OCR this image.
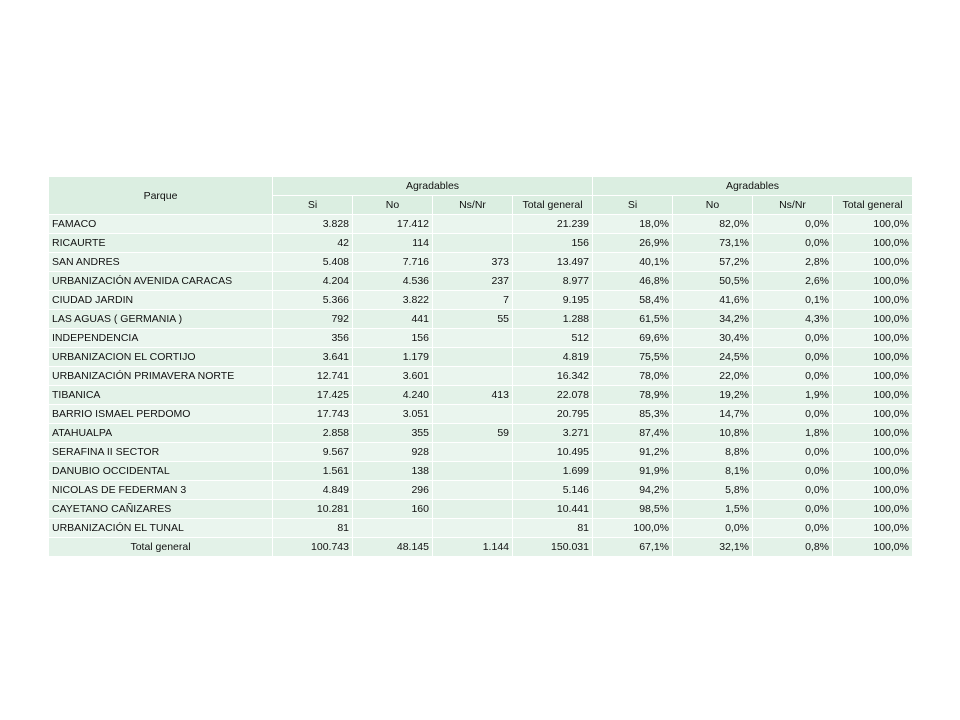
Parque	Agradables				Agradables			
	Si	No	Ns/Nr	Total general	Si	No	Ns/Nr	Total general
FAMACO	3.828	17.412		21.239	18,0%	82,0%	0,0%	100,0%
RICAURTE	42	114		156	26,9%	73,1%	0,0%	100,0%
SAN ANDRES	5.408	7.716	373	13.497	40,1%	57,2%	2,8%	100,0%
URBANIZACIÓN AVENIDA CARACAS	4.204	4.536	237	8.977	46,8%	50,5%	2,6%	100,0%
CIUDAD JARDIN	5.366	3.822	7	9.195	58,4%	41,6%	0,1%	100,0%
LAS AGUAS ( GERMANIA )	792	441	55	1.288	61,5%	34,2%	4,3%	100,0%
INDEPENDENCIA	356	156		512	69,6%	30,4%	0,0%	100,0%
URBANIZACION EL CORTIJO	3.641	1.179		4.819	75,5%	24,5%	0,0%	100,0%
URBANIZACIÓN PRIMAVERA NORTE	12.741	3.601		16.342	78,0%	22,0%	0,0%	100,0%
TIBANICA	17.425	4.240	413	22.078	78,9%	19,2%	1,9%	100,0%
BARRIO ISMAEL PERDOMO	17.743	3.051		20.795	85,3%	14,7%	0,0%	100,0%
ATAHUALPA	2.858	355	59	3.271	87,4%	10,8%	1,8%	100,0%
SERAFINA II SECTOR	9.567	928		10.495	91,2%	8,8%	0,0%	100,0%
DANUBIO OCCIDENTAL	1.561	138		1.699	91,9%	8,1%	0,0%	100,0%
NICOLAS DE FEDERMAN 3	4.849	296		5.146	94,2%	5,8%	0,0%	100,0%
CAYETANO CAÑIZARES	10.281	160		10.441	98,5%	1,5%	0,0%	100,0%
URBANIZACIÓN EL TUNAL	81			81	100,0%	0,0%	0,0%	100,0%
Total general	100.743	48.145	1.144	150.031	67,1%	32,1%	0,8%	100,0%
